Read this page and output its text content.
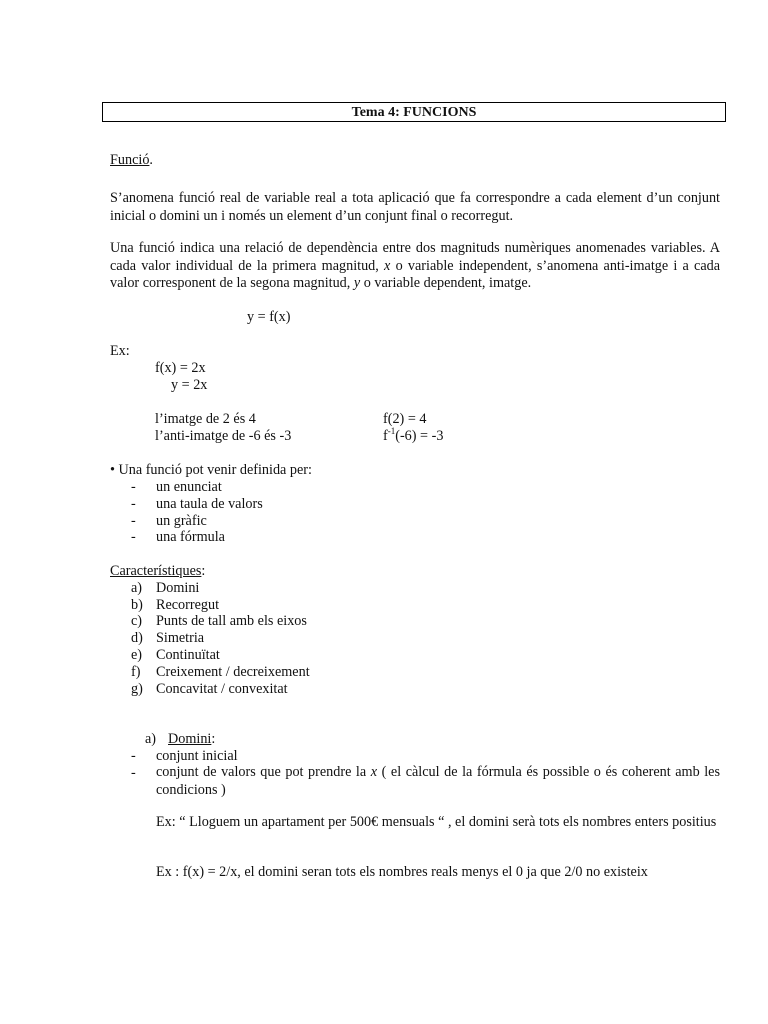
Tema 4: FUNCIONS
Funció.
S’anomena funció real de variable real a tota aplicació que fa correspondre a cada element d’un conjunt inicial o domini un i només un element d’un conjunt final o recorregut.
Una funció indica una relació de dependència entre dos magnituds numèriques anomenades variables. A cada valor individual de la primera magnitud, x o variable independent, s’anomena anti-imatge i a cada valor corresponent de la segona magnitud, y o variable dependent, imatge.
y = f(x)
Ex:
f(x) = 2x
y = 2x
l’imatge de 2 és 4	f(2) = 4
l’anti-imatge de -6 és -3	$f^{-1}(-6) = -3$
• Una funció pot venir definida per:
- un enunciat
- una taula de valors
- un gràfic
- una fórmula
Característiques:
a) Domini
b) Recorregut
c) Punts de tall amb els eixos
d) Simetria
e) Continuïtat
f) Creixement / decreixement
g) Concavitat / convexitat
a) Domini:
- conjunt inicial
- conjunt de valors que pot prendre la x ( el càlcul de la fórmula és possible o és coherent amb les condicions )
Ex: “ Lloguem un apartament per 500€ mensuals “ , el domini serà tots els nombres enters positius
Ex : f(x) = 2/x, el domini seran tots els nombres reals menys el 0 ja que 2/0 no existeix
